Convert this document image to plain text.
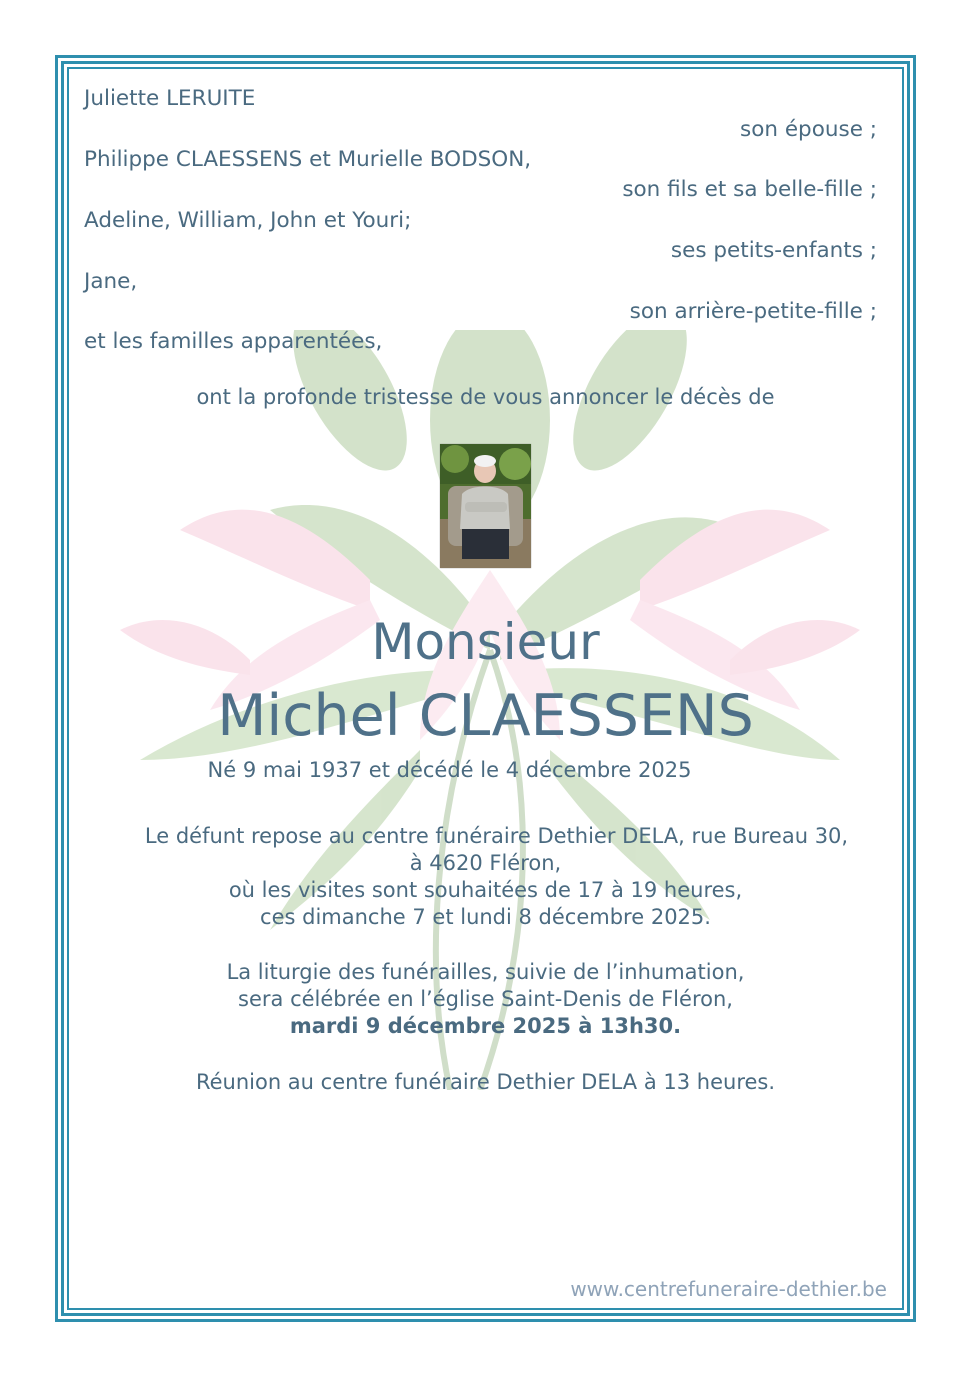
Juliette LERUITE

son épouse ;

Philippe CLAESSENS et Murielle BODSON,

son fils et sa belle-fille ;

Adeline, William, John et Youri;

ses petits-enfants ;

Jane,

son arrière-petite-fille ;

et les familles apparentées,

ont la profonde tristesse de vous annoncer le décès de
Monsieur
Michel CLAESSENS
Né 9 mai 1937 et décédé le 4 décembre 2025
Le défunt repose au centre funéraire Dethier DELA, rue Bureau 30,
à 4620 Fléron,
où les visites sont souhaitées de 17 à 19 heures,
ces dimanche 7 et lundi 8 décembre 2025.
La liturgie des funérailles, suivie de l’inhumation,
sera célébrée en l’église Saint-Denis de Fléron,
mardi 9 décembre 2025 à 13h30.
Réunion au centre funéraire Dethier DELA à 13 heures.
www.centrefuneraire-dethier.be
